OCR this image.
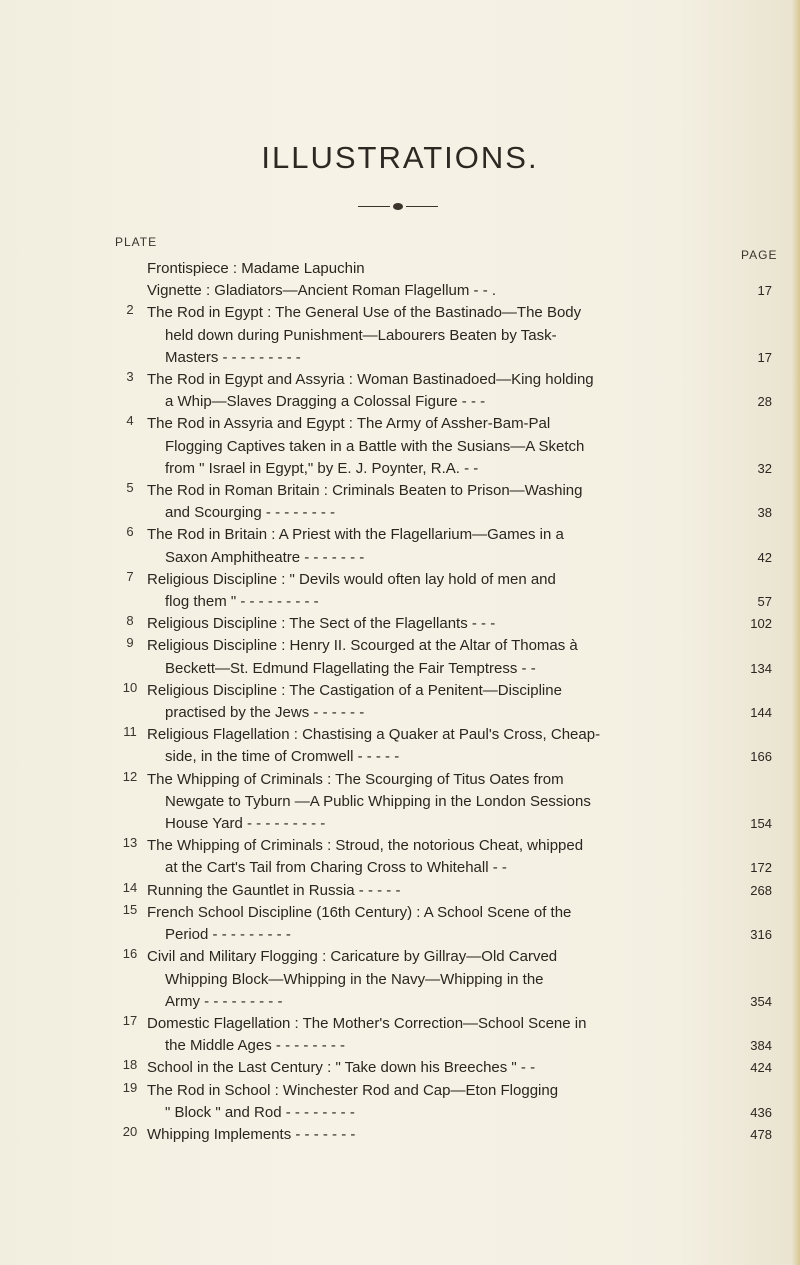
ILLUSTRATIONS.
PLATE
PAGE
Frontispiece : Madame Lapuchin
Vignette : Gladiators—Ancient Roman Flagellum - - .	17
2 The Rod in Egypt : The General Use of the Bastinado—The Body
held down during Punishment—Labourers Beaten by Task-
Masters - - - - - - - - -	17
3 The Rod in Egypt and Assyria : Woman Bastinadoed—King holding
a Whip—Slaves Dragging a Colossal Figure - - -	28
4 The Rod in Assyria and Egypt : The Army of Assher-Bam-Pal
Flogging Captives taken in a Battle with the Susians—A Sketch
from " Israel in Egypt," by E. J. Poynter, R.A. - -	32
5 The Rod in Roman Britain : Criminals Beaten to Prison—Washing
and Scourging - - - - - - - -	38
6 The Rod in Britain : A Priest with the Flagellarium—Games in a
Saxon Amphitheatre - - - - - - -	42
7 Religious Discipline : " Devils would often lay hold of men and
flog them " - - - - - - - - -	57
8 Religious Discipline : The Sect of the Flagellants - - -	102
9 Religious Discipline : Henry II. Scourged at the Altar of Thomas à
Beckett—St. Edmund Flagellating the Fair Temptress - -	134
10 Religious Discipline : The Castigation of a Penitent—Discipline
practised by the Jews - - - - - -	144
11 Religious Flagellation : Chastising a Quaker at Paul's Cross, Cheap-
side, in the time of Cromwell - - - - -	166
12 The Whipping of Criminals : The Scourging of Titus Oates from
Newgate to Tyburn —A Public Whipping in the London Sessions
House Yard - - - - - - - - -	154
13 The Whipping of Criminals : Stroud, the notorious Cheat, whipped
at the Cart's Tail from Charing Cross to Whitehall - -	172
14 Running the Gauntlet in Russia - - - - -	268
15 French School Discipline (16th Century) : A School Scene of the
Period - - - - - - - - -	316
16 Civil and Military Flogging : Caricature by Gillray—Old Carved
Whipping Block—Whipping in the Navy—Whipping in the
Army - - - - - - - - -	354
17 Domestic Flagellation : The Mother's Correction—School Scene in
the Middle Ages - - - - - - - -	384
18 School in the Last Century : " Take down his Breeches " - -	424
19 The Rod in School : Winchester Rod and Cap—Eton Flogging
" Block " and Rod - - - - - - - -	436
20 Whipping Implements - - - - - - -	478
